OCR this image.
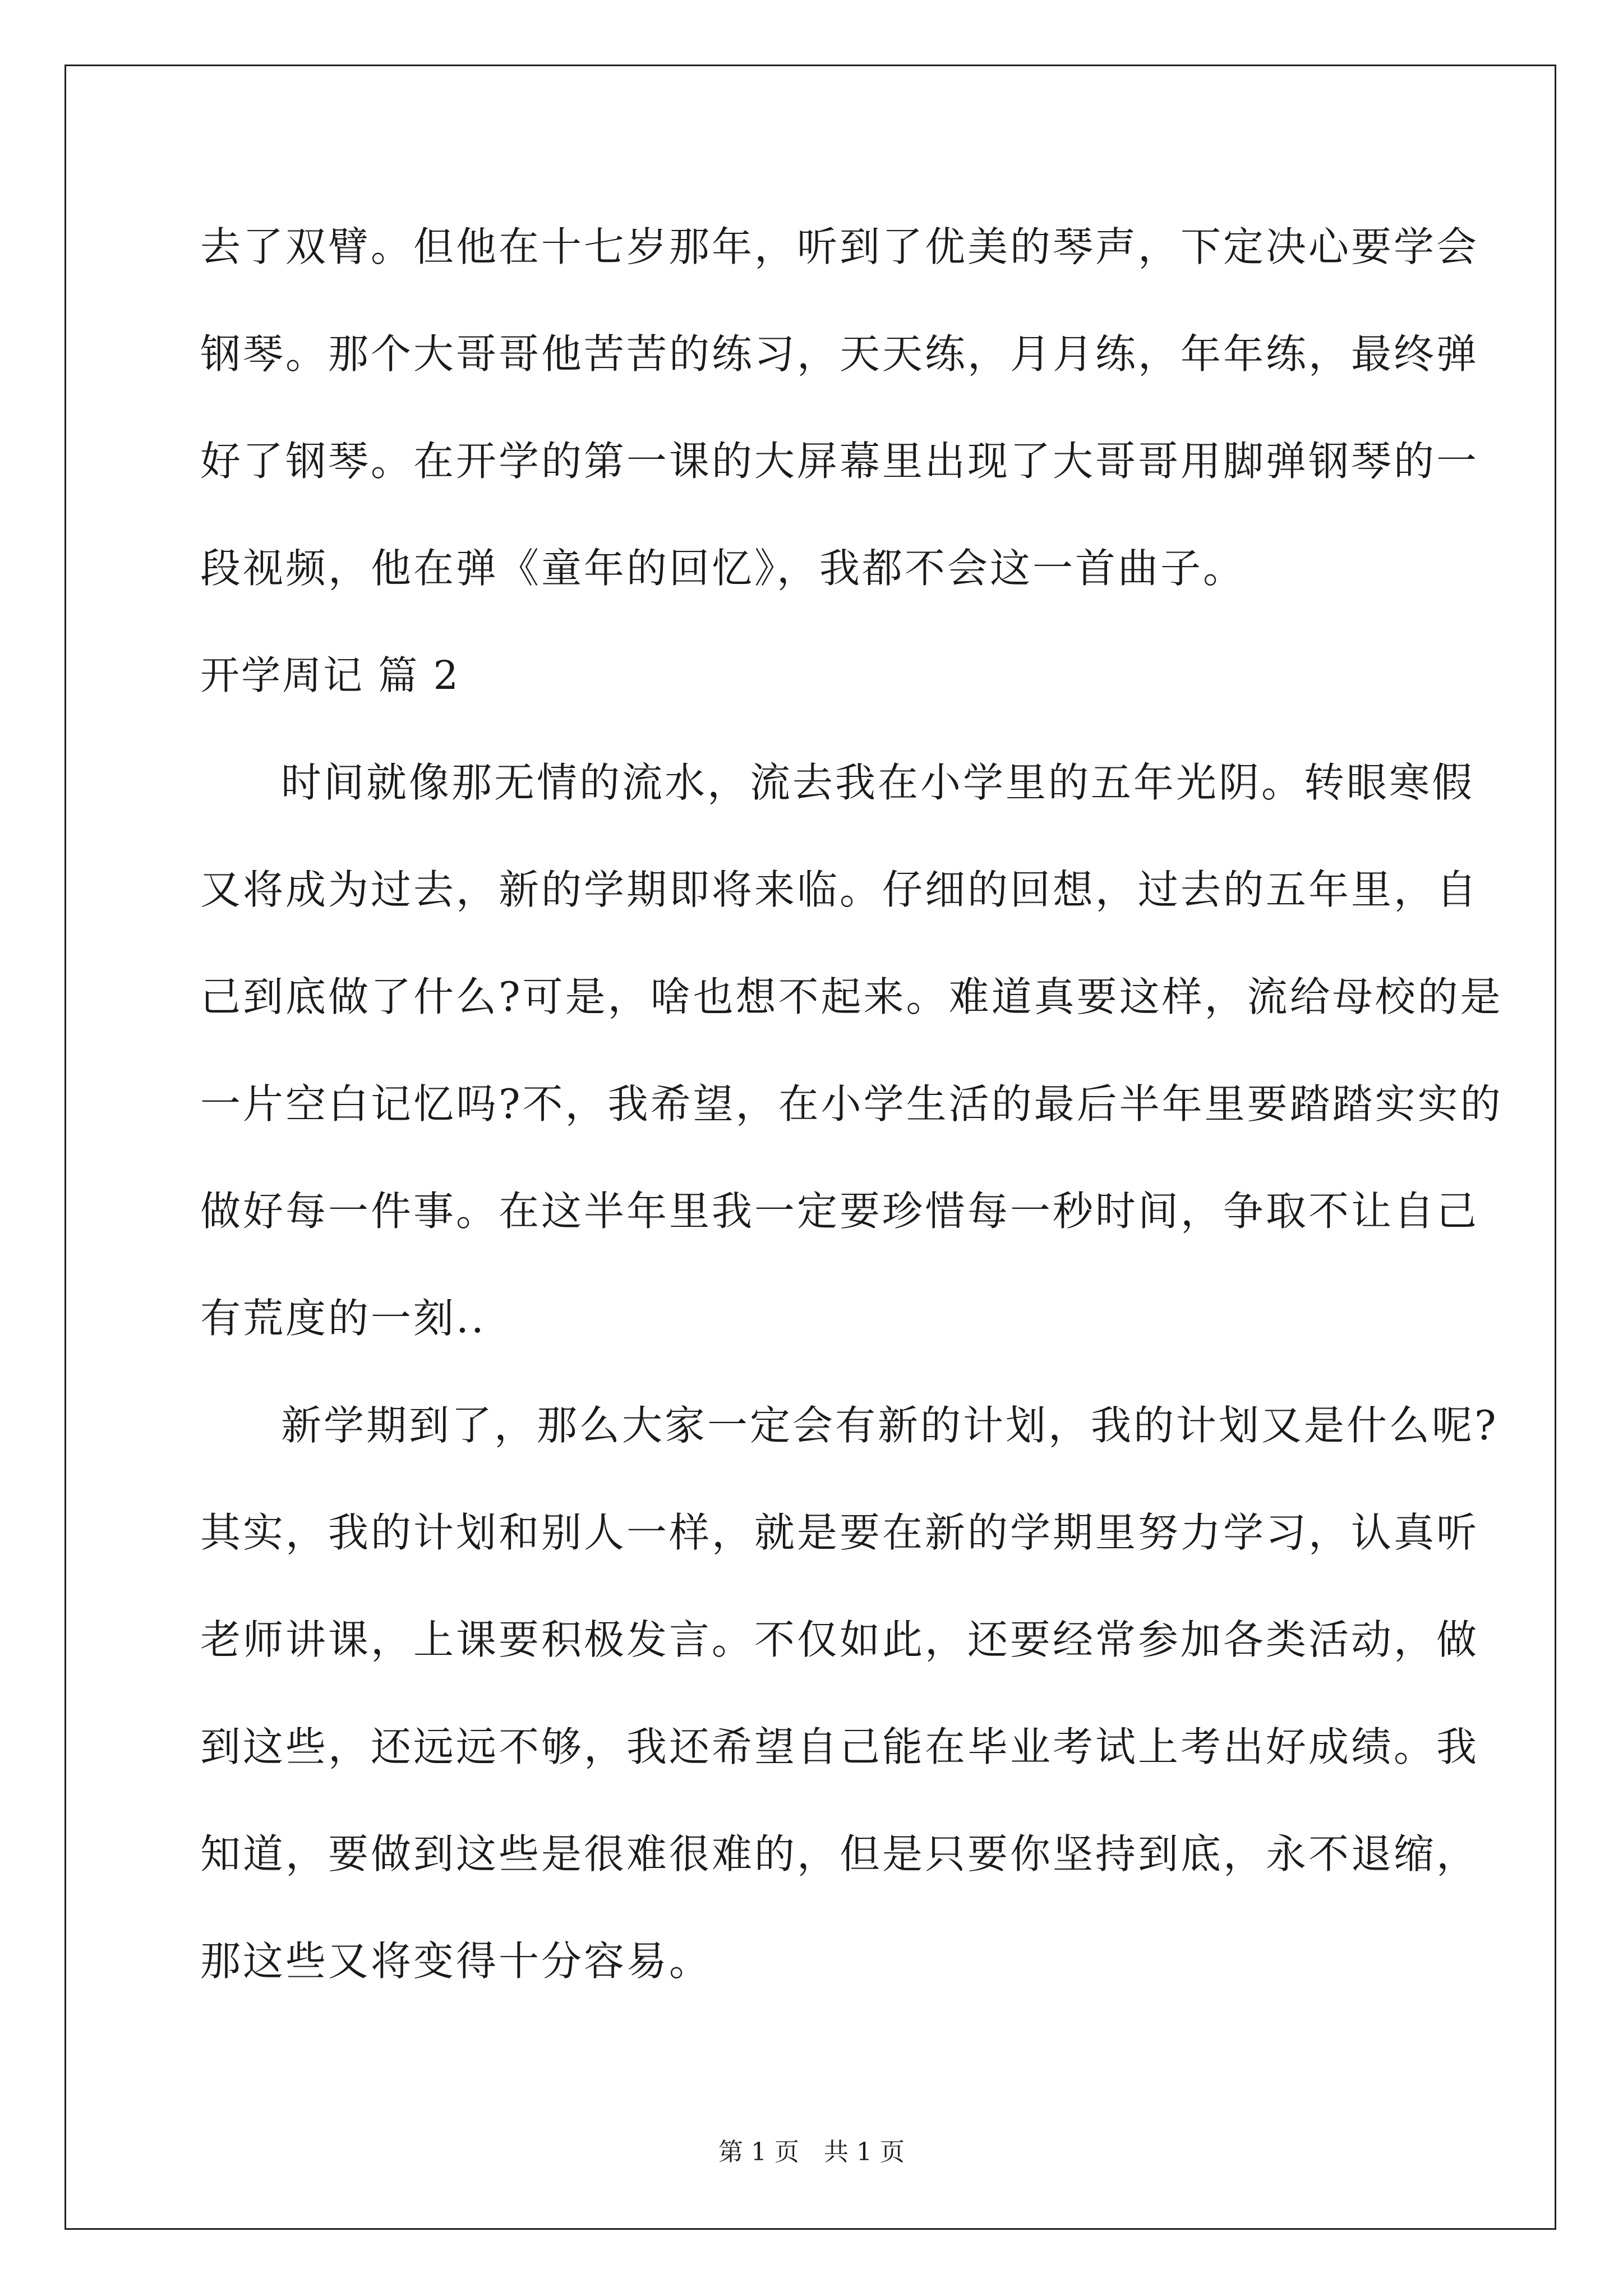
去了双臂。但他在十七岁那年，听到了优美的琴声，下定决心要学会
钢琴。那个大哥哥他苦苦的练习，天天练，月月练，年年练，最终弹
好了钢琴。在开学的第一课的大屏幕里出现了大哥哥用脚弹钢琴的一
段视频，他在弹《童年的回忆》，我都不会这一首曲子。
开学周记 篇 2
时间就像那无情的流水，流去我在小学里的五年光阴。转眼寒假
又将成为过去，新的学期即将来临。仔细的回想，过去的五年里，自
己到底做了什么?可是，啥也想不起来。难道真要这样，流给母校的是
一片空白记忆吗?不，我希望，在小学生活的最后半年里要踏踏实实的
做好每一件事。在这半年里我一定要珍惜每一秒时间，争取不让自己
有荒度的一刻..
新学期到了，那么大家一定会有新的计划，我的计划又是什么呢?
其实，我的计划和别人一样，就是要在新的学期里努力学习，认真听
老师讲课，上课要积极发言。不仅如此，还要经常参加各类活动，做
到这些，还远远不够，我还希望自己能在毕业考试上考出好成绩。我
知道，要做到这些是很难很难的，但是只要你坚持到底，永不退缩，
那这些又将变得十分容易。
第 1 页　共 1 页
